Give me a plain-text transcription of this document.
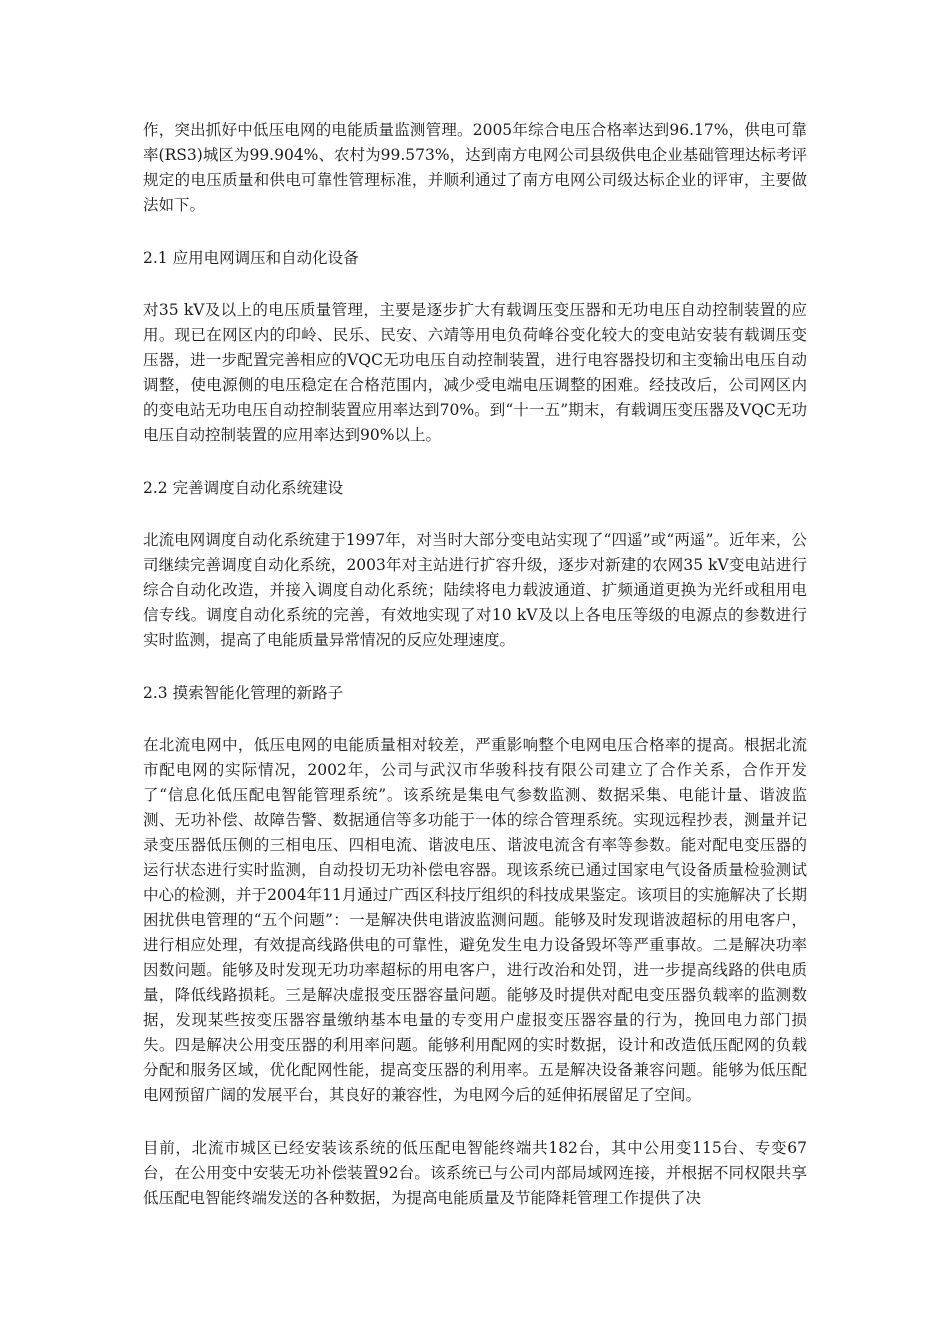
作，突出抓好中低压电网的电能质量监测管理。2005年综合电压合格率达到96.17%，供电可靠率(RS3)城区为99.904%、农村为99.573%，达到南方电网公司县级供电企业基础管理达标考评规定的电压质量和供电可靠性管理标准，并顺利通过了南方电网公司级达标企业的评审，主要做法如下。

2.1 应用电网调压和自动化设备

对35 kV及以上的电压质量管理，主要是逐步扩大有载调压变压器和无功电压自动控制装置的应用。现已在网区内的印岭、民乐、民安、六靖等用电负荷峰谷变化较大的变电站安装有载调压变压器，进一步配置完善相应的VQC无功电压自动控制装置，进行电容器投切和主变输出电压自动调整，使电源侧的电压稳定在合格范围内，减少受电端电压调整的困难。经技改后，公司网区内的变电站无功电压自动控制装置应用率达到70%。到“十一五”期末，有载调压变压器及VQC无功电压自动控制装置的应用率达到90%以上。

2.2 完善调度自动化系统建设

北流电网调度自动化系统建于1997年，对当时大部分变电站实现了“四遥”或“两遥”。近年来，公司继续完善调度自动化系统，2003年对主站进行扩容升级，逐步对新建的农网35 kV变电站进行综合自动化改造，并接入调度自动化系统；陆续将电力载波通道、扩频通道更换为光纤或租用电信专线。调度自动化系统的完善，有效地实现了对10 kV及以上各电压等级的电源点的参数进行实时监测，提高了电能质量异常情况的反应处理速度。

2.3 摸索智能化管理的新路子

在北流电网中，低压电网的电能质量相对较差，严重影响整个电网电压合格率的提高。根据北流市配电网的实际情况，2002年，公司与武汉市华骏科技有限公司建立了合作关系，合作开发了“信息化低压配电智能管理系统”。该系统是集电气参数监测、数据采集、电能计量、谐波监测、无功补偿、故障告警、数据通信等多功能于一体的综合管理系统。实现远程抄表，测量并记录变压器低压侧的三相电压、四相电流、谐波电压、谐波电流含有率等参数。能对配电变压器的运行状态进行实时监测，自动投切无功补偿电容器。现该系统已通过国家电气设备质量检验测试中心的检测，并于2004年11月通过广西区科技厅组织的科技成果鉴定。该项目的实施解决了长期困扰供电管理的“五个问题”：一是解决供电谐波监测问题。能够及时发现谐波超标的用电客户，进行相应处理，有效提高线路供电的可靠性，避免发生电力设备毁坏等严重事故。二是解决功率因数问题。能够及时发现无功功率超标的用电客户，进行改治和处罚，进一步提高线路的供电质量，降低线路损耗。三是解决虚报变压器容量问题。能够及时提供对配电变压器负载率的监测数据，发现某些按变压器容量缴纳基本电量的专变用户虚报变压器容量的行为，挽回电力部门损失。四是解决公用变压器的利用率问题。能够利用配网的实时数据，设计和改造低压配网的负载分配和服务区域，优化配网性能，提高变压器的利用率。五是解决设备兼容问题。能够为低压配电网预留广阔的发展平台，其良好的兼容性，为电网今后的延伸拓展留足了空间。

目前，北流市城区已经安装该系统的低压配电智能终端共182台，其中公用变115台、专变67台，在公用变中安装无功补偿装置92台。该系统已与公司内部局域网连接，并根据不同权限共享低压配电智能终端发送的各种数据，为提高电能质量及节能降耗管理工作提供了决
